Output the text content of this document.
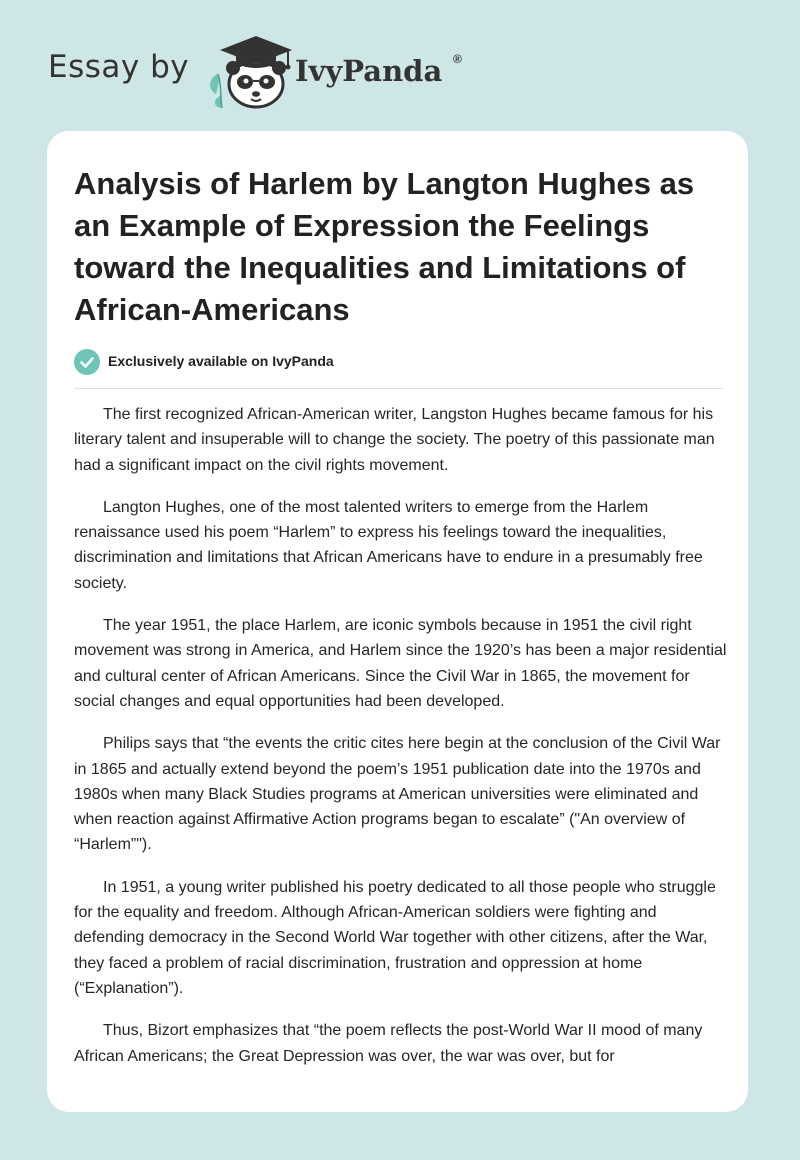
Essay by	IvyPanda ®
Analysis of Harlem by Langton Hughes as an Example of Expression the Feelings toward the Inequalities and Limitations of African-Americans
Exclusively available on IvyPanda

The first recognized African-American writer, Langston Hughes became famous for his literary talent and insuperable will to change the society. The poetry of this passionate man had a significant impact on the civil rights movement.

Langton Hughes, one of the most talented writers to emerge from the Harlem renaissance used his poem “Harlem” to express his feelings toward the inequalities, discrimination and limitations that African Americans have to endure in a presumably free society.

The year 1951, the place Harlem, are iconic symbols because in 1951 the civil right movement was strong in America, and Harlem since the 1920’s has been a major residential and cultural center of African Americans. Since the Civil War in 1865, the movement for social changes and equal opportunities had been developed.

Philips says that “the events the critic cites here begin at the conclusion of the Civil War in 1865 and actually extend beyond the poem’s 1951 publication date into the 1970s and 1980s when many Black Studies programs at American universities were eliminated and when reaction against Affirmative Action programs began to escalate” ("An overview of “Harlem”").

In 1951, a young writer published his poetry dedicated to all those people who struggle for the equality and freedom. Although African-American soldiers were fighting and defending democracy in the Second World War together with other citizens, after the War, they faced a problem of racial discrimination, frustration and oppression at home (“Explanation”).

Thus, Bizort emphasizes that “the poem reflects the post-World War II mood of many African Americans; the Great Depression was over, the war was over, but for
